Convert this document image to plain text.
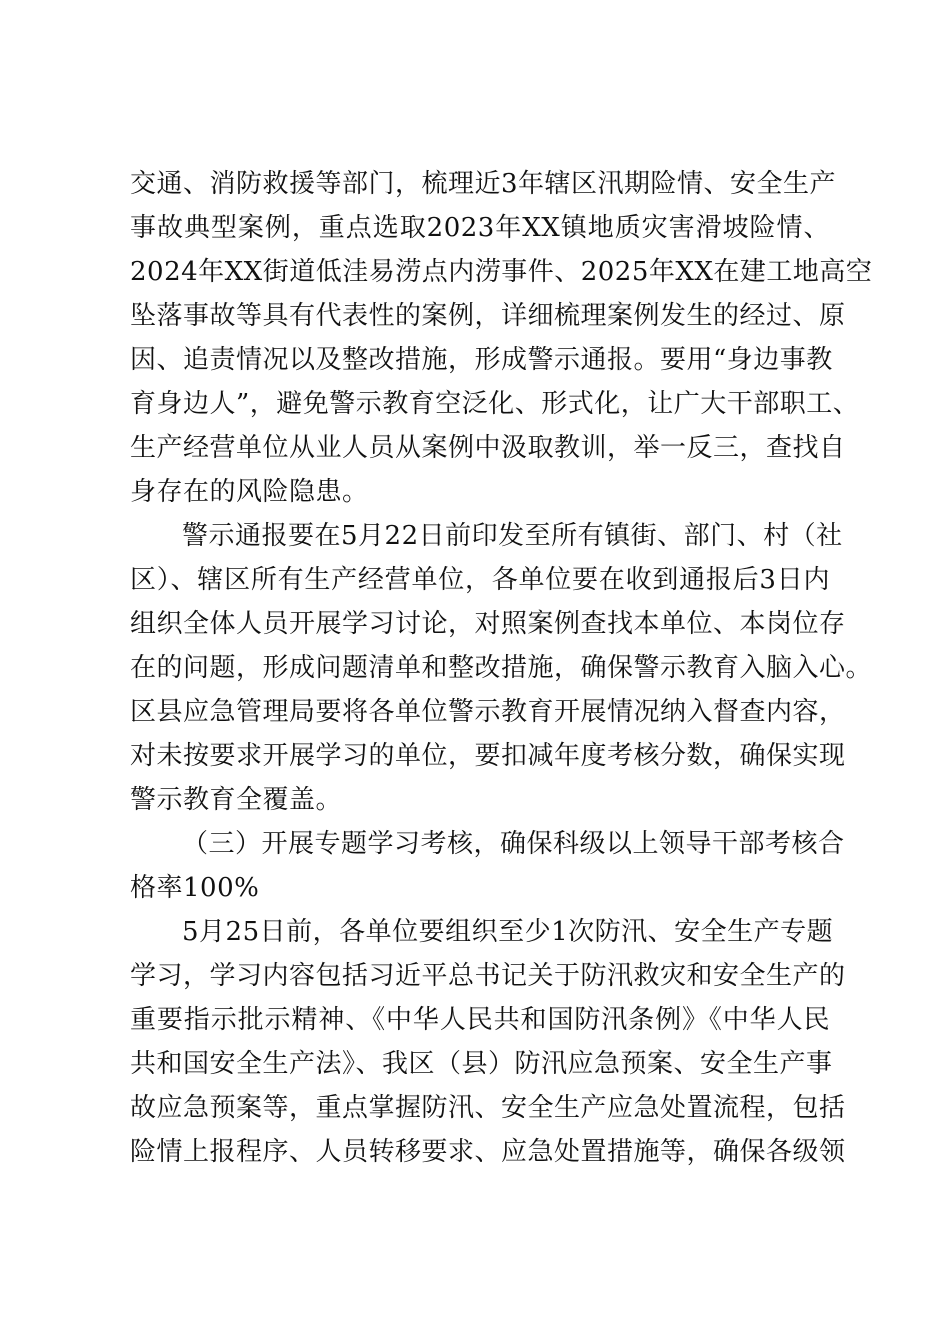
交通、消防救援等部门，梳理近3年辖区汛期险情、安全生产
事故典型案例，重点选取2023年XX镇地质灾害滑坡险情、
2024年XX街道低洼易涝点内涝事件、2025年XX在建工地高空
坠落事故等具有代表性的案例，详细梳理案例发生的经过、原
因、追责情况以及整改措施，形成警示通报。要用“身边事教
育身边人”，避免警示教育空泛化、形式化，让广大干部职工、
生产经营单位从业人员从案例中汲取教训，举一反三，查找自
身存在的风险隐患。
警示通报要在5月22日前印发至所有镇街、部门、村（社
区）、辖区所有生产经营单位，各单位要在收到通报后3日内
组织全体人员开展学习讨论，对照案例查找本单位、本岗位存
在的问题，形成问题清单和整改措施，确保警示教育入脑入心。
区县应急管理局要将各单位警示教育开展情况纳入督查内容，
对未按要求开展学习的单位，要扣减年度考核分数，确保实现
警示教育全覆盖。
（三）开展专题学习考核，确保科级以上领导干部考核合
格率100%
5月25日前，各单位要组织至少1次防汛、安全生产专题
学习，学习内容包括习近平总书记关于防汛救灾和安全生产的
重要指示批示精神、《中华人民共和国防汛条例》《中华人民
共和国安全生产法》、我区（县）防汛应急预案、安全生产事
故应急预案等，重点掌握防汛、安全生产应急处置流程，包括
险情上报程序、人员转移要求、应急处置措施等，确保各级领
